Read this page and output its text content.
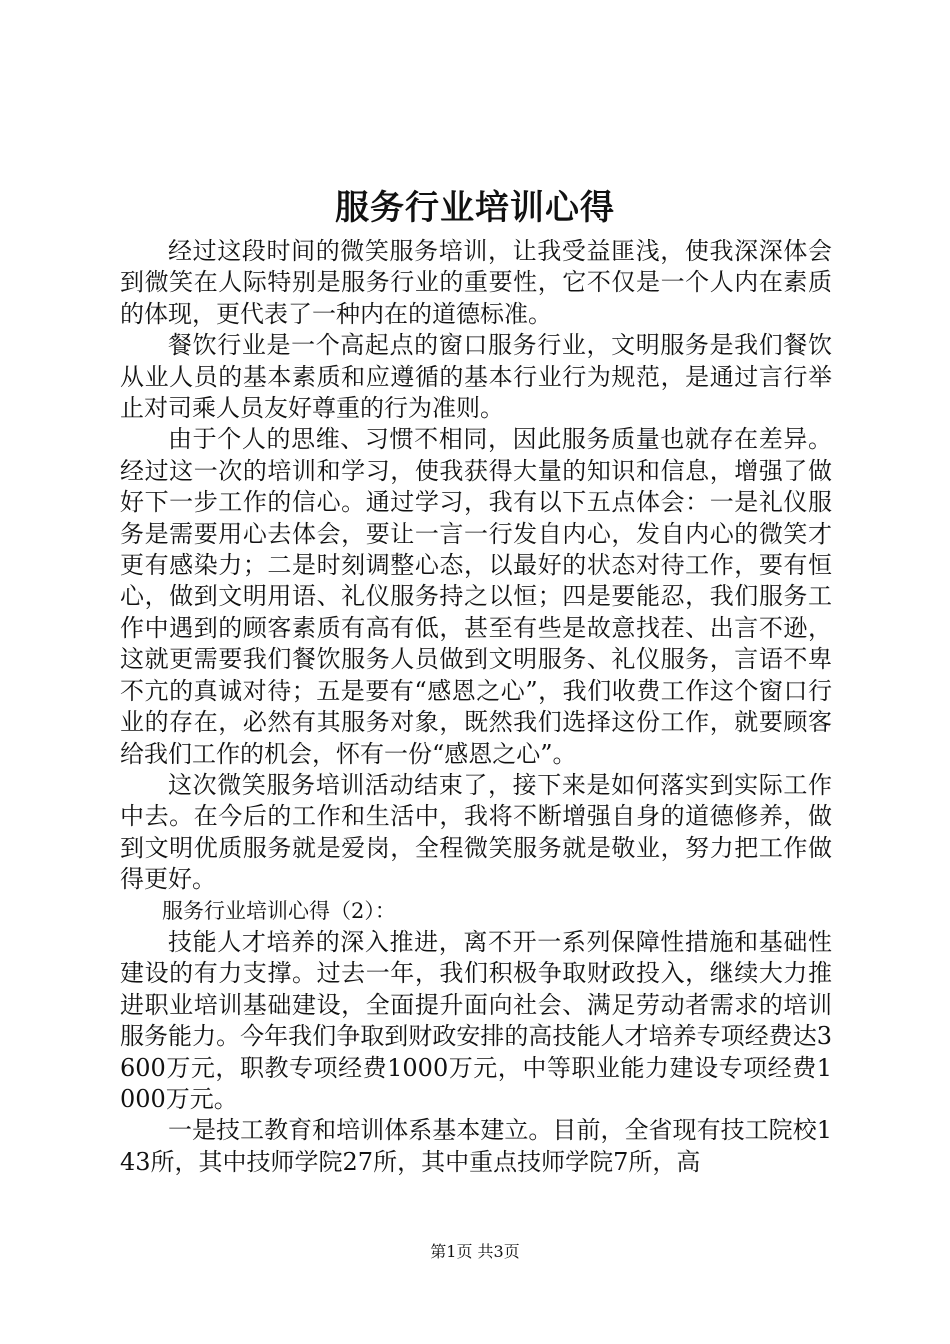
服务行业培训心得

经过这段时间的微笑服务培训，让我受益匪浅，使我深深体会到微笑在人际特别是服务行业的重要性，它不仅是一个人内在素质的体现，更代表了一种内在的道德标准。

餐饮行业是一个高起点的窗口服务行业，文明服务是我们餐饮从业人员的基本素质和应遵循的基本行业行为规范，是通过言行举止对司乘人员友好尊重的行为准则。

由于个人的思维、习惯不相同，因此服务质量也就存在差异。经过这一次的培训和学习，使我获得大量的知识和信息，增强了做好下一步工作的信心。通过学习，我有以下五点体会：一是礼仪服务是需要用心去体会，要让一言一行发自内心，发自内心的微笑才更有感染力；二是时刻调整心态，以最好的状态对待工作，要有恒心，做到文明用语、礼仪服务持之以恒；四是要能忍，我们服务工作中遇到的顾客素质有高有低，甚至有些是故意找茬、出言不逊，这就更需要我们餐饮服务人员做到文明服务、礼仪服务，言语不卑不亢的真诚对待；五是要有“感恩之心”，我们收费工作这个窗口行业的存在，必然有其服务对象，既然我们选择这份工作，就要顾客给我们工作的机会，怀有一份“感恩之心”。

这次微笑服务培训活动结束了，接下来是如何落实到实际工作中去。在今后的工作和生活中，我将不断增强自身的道德修养，做到文明优质服务就是爱岗，全程微笑服务就是敬业，努力把工作做得更好。

服务行业培训心得（2）：

技能人才培养的深入推进，离不开一系列保障性措施和基础性建设的有力支撑。过去一年，我们积极争取财政投入，继续大力推进职业培训基础建设，全面提升面向社会、满足劳动者需求的培训服务能力。今年我们争取到财政安排的高技能人才培养专项经费达3600万元，职教专项经费1000万元，中等职业能力建设专项经费1000万元。

一是技工教育和培训体系基本建立。目前，全省现有技工院校143所，其中技师学院27所，其中重点技师学院7所，高

第1页 共3页
